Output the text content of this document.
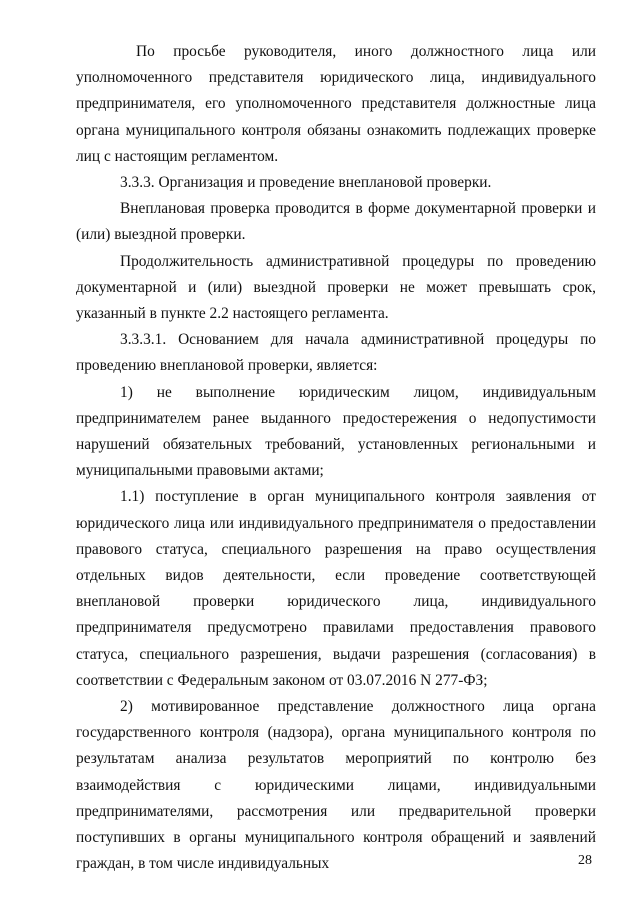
По просьбе руководителя, иного должностного лица или уполномоченного представителя юридического лица, индивидуального предпринимателя, его уполномоченного представителя должностные лица органа муниципального контроля обязаны ознакомить подлежащих проверке лиц с настоящим регламентом.

3.3.3. Организация и проведение внеплановой проверки.

Внеплановая проверка проводится в форме документарной проверки и (или) выездной проверки.

Продолжительность административной процедуры по проведению документарной и (или) выездной проверки не может превышать срок, указанный в пункте 2.2 настоящего регламента.

3.3.3.1. Основанием для начала административной процедуры по проведению внеплановой проверки, является:

1) не выполнение юридическим лицом, индивидуальным предпринимателем ранее выданного предостережения о недопустимости нарушений обязательных требований, установленных региональными и муниципальными правовыми актами;

1.1) поступление в орган муниципального контроля заявления от юридического лица или индивидуального предпринимателя о предоставлении правового статуса, специального разрешения на право осуществления отдельных видов деятельности, если проведение соответствующей внеплановой проверки юридического лица, индивидуального предпринимателя предусмотрено правилами предоставления правового статуса, специального разрешения, выдачи разрешения (согласования) в соответствии с Федеральным законом от 03.07.2016 N 277-ФЗ;

2) мотивированное представление должностного лица органа государственного контроля (надзора), органа муниципального контроля по результатам анализа результатов мероприятий по контролю без взаимодействия с юридическими лицами, индивидуальными предпринимателями, рассмотрения или предварительной проверки поступивших в органы муниципального контроля обращений и заявлений граждан, в том числе индивидуальных	28
